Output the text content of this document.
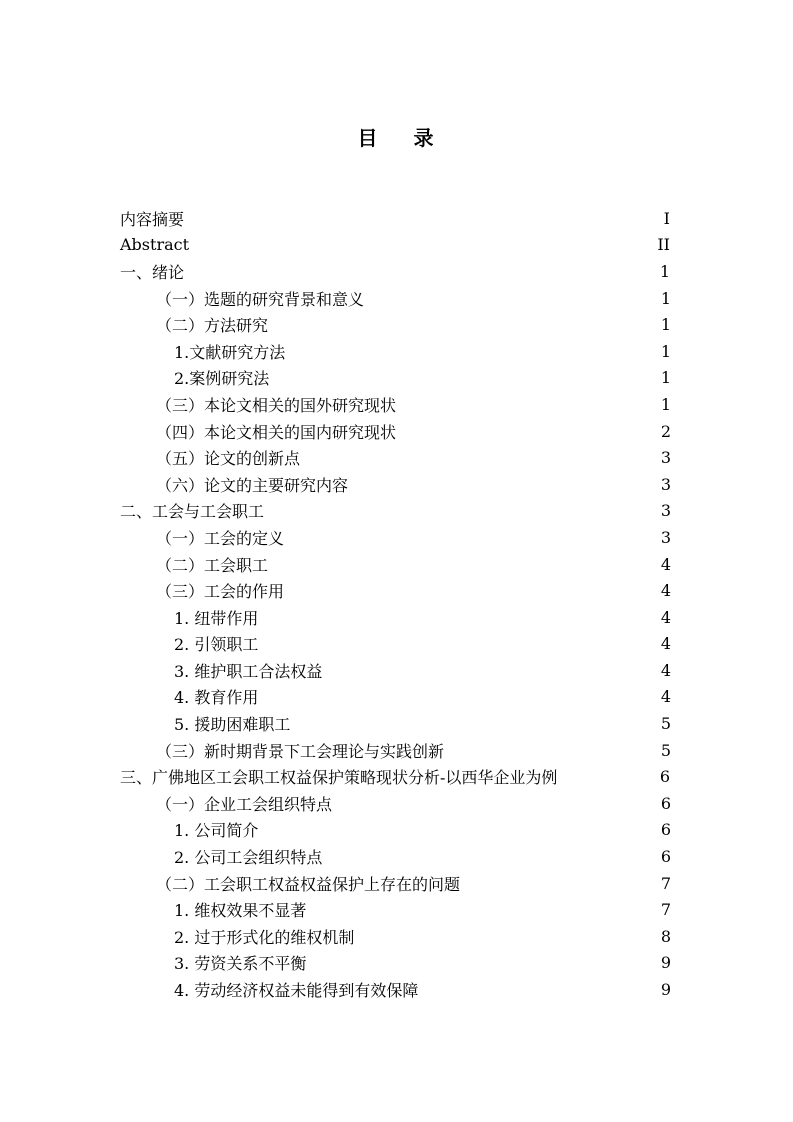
目 录
内容摘要	I
Abstract	II
一、绪论	1
（一）选题的研究背景和意义	1
（二）方法研究	1
1.文献研究方法	1
2.案例研究法	1
（三）本论文相关的国外研究现状	1
（四）本论文相关的国内研究现状	2
（五）论文的创新点	3
（六）论文的主要研究内容	3
二、工会与工会职工	3
（一）工会的定义	3
（二）工会职工	4
（三）工会的作用	4
1. 纽带作用	4
2. 引领职工	4
3. 维护职工合法权益	4
4. 教育作用	4
5. 援助困难职工	5
（三）新时期背景下工会理论与实践创新	5
三、广佛地区工会职工权益保护策略现状分析-以西华企业为例	6
（一）企业工会组织特点	6
1. 公司简介	6
2. 公司工会组织特点	6
（二）工会职工权益权益保护上存在的问题	7
1. 维权效果不显著	7
2. 过于形式化的维权机制	8
3. 劳资关系不平衡	9
4. 劳动经济权益未能得到有效保障	9
